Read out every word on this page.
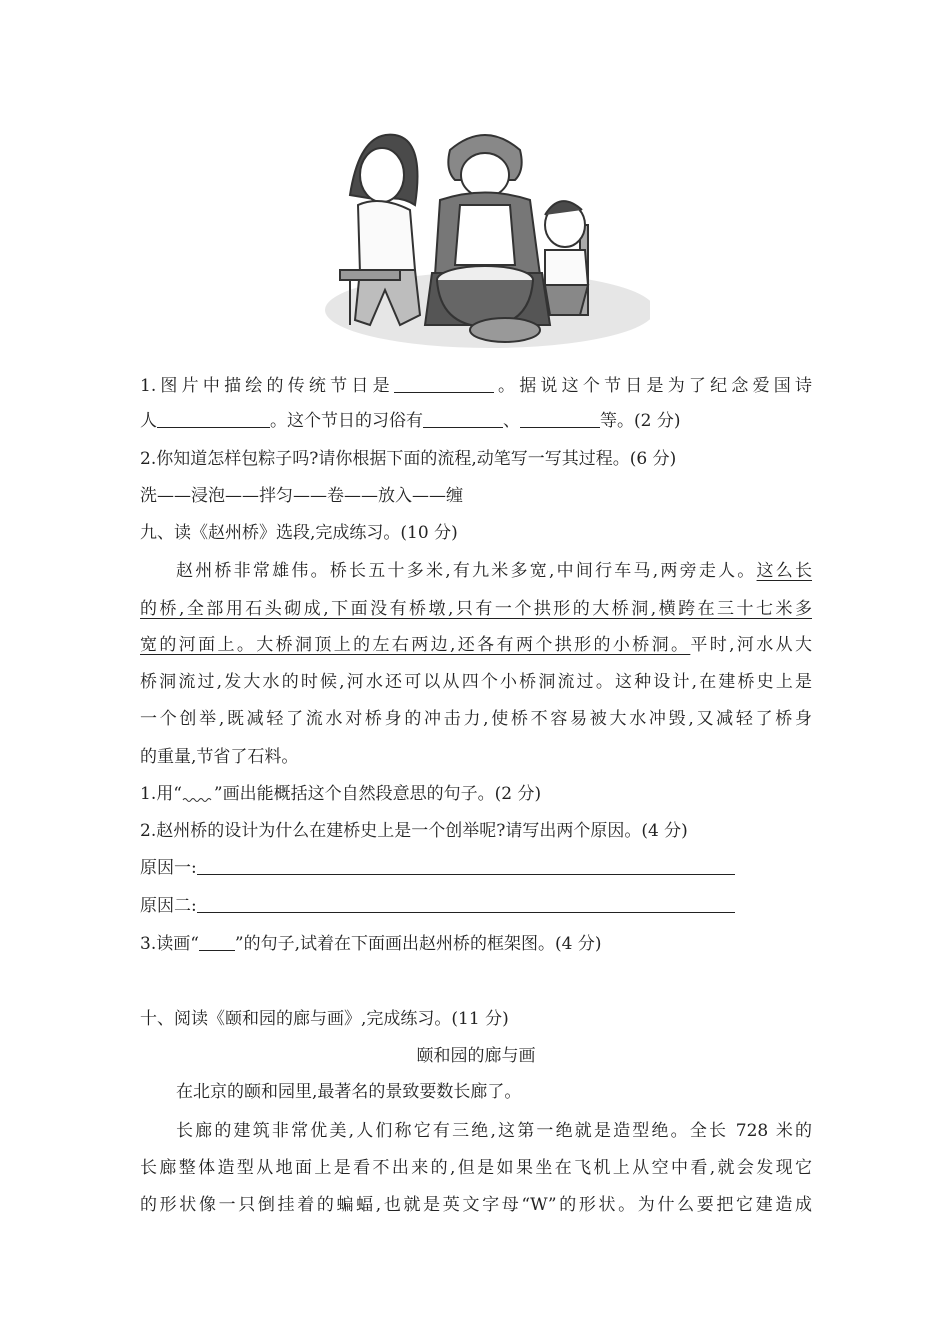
1.图片中描绘的传统节日是	。据说这个节日是为了纪念爱国诗
人	。这个节日的习俗有	、	等。(2 分)
2.你知道怎样包粽子吗?请你根据下面的流程,动笔写一写其过程。(6 分)
洗——浸泡——拌匀——卷——放入——缠
九、读《赵州桥》选段,完成练习。(10 分)
赵州桥非常雄伟。桥长五十多米,有九米多宽,中间行车马,两旁走人。这么长
的桥,全部用石头砌成,下面没有桥墩,只有一个拱形的大桥洞,横跨在三十七米多
宽的河面上。大桥洞顶上的左右两边,还各有两个拱形的小桥洞。平时,河水从大
桥洞流过,发大水的时候,河水还可以从四个小桥洞流过。这种设计,在建桥史上是
一个创举,既减轻了流水对桥身的冲击力,使桥不容易被大水冲毁,又减轻了桥身
的重量,节省了石料。
1.用“ ”画出能概括这个自然段意思的句子。(2 分)
2.赵州桥的设计为什么在建桥史上是一个创举呢?请写出两个原因。(4 分)
原因一:
原因二:
3.读画“ ”的句子,试着在下面画出赵州桥的框架图。(4 分)
十、阅读《颐和园的廊与画》,完成练习。(11 分)
颐和园的廊与画
在北京的颐和园里,最著名的景致要数长廊了。
长廊的建筑非常优美,人们称它有三绝,这第一绝就是造型绝。全长 728 米的
长廊整体造型从地面上是看不出来的,但是如果坐在飞机上从空中看,就会发现它
的形状像一只倒挂着的蝙蝠,也就是英文字母“W”的形状。为什么要把它建造成
